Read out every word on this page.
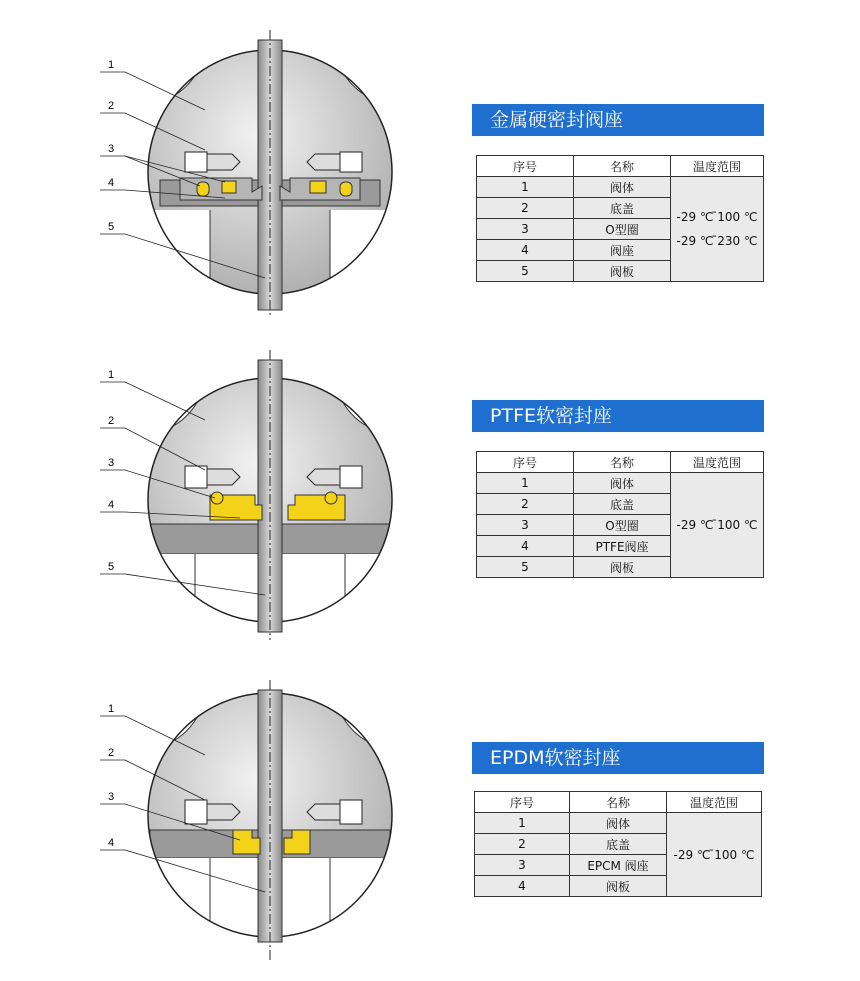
1
2
3
4
5
金属硬密封阀座
序号	名称	温度范围
1	阀体	-29 ℃ ̄100 ℃
-29 ℃ ̄230 ℃

2	底盖	
3	O型圈	
4	阀座	
5	阀板	
1
2
3
4
5
PTFE软密封座
序号	名称	温度范围
1	阀体	-29 ℃ ̄100 ℃

2	底盖	
3	O型圈	
4	PTFE阀座	
5	阀板	
1
2
3
4
EPDM软密封座
序号	名称	温度范围
1	阀体	-29 ℃ ̄100 ℃

2	底盖	
3	EPCM 阀座	
4	阀板	
